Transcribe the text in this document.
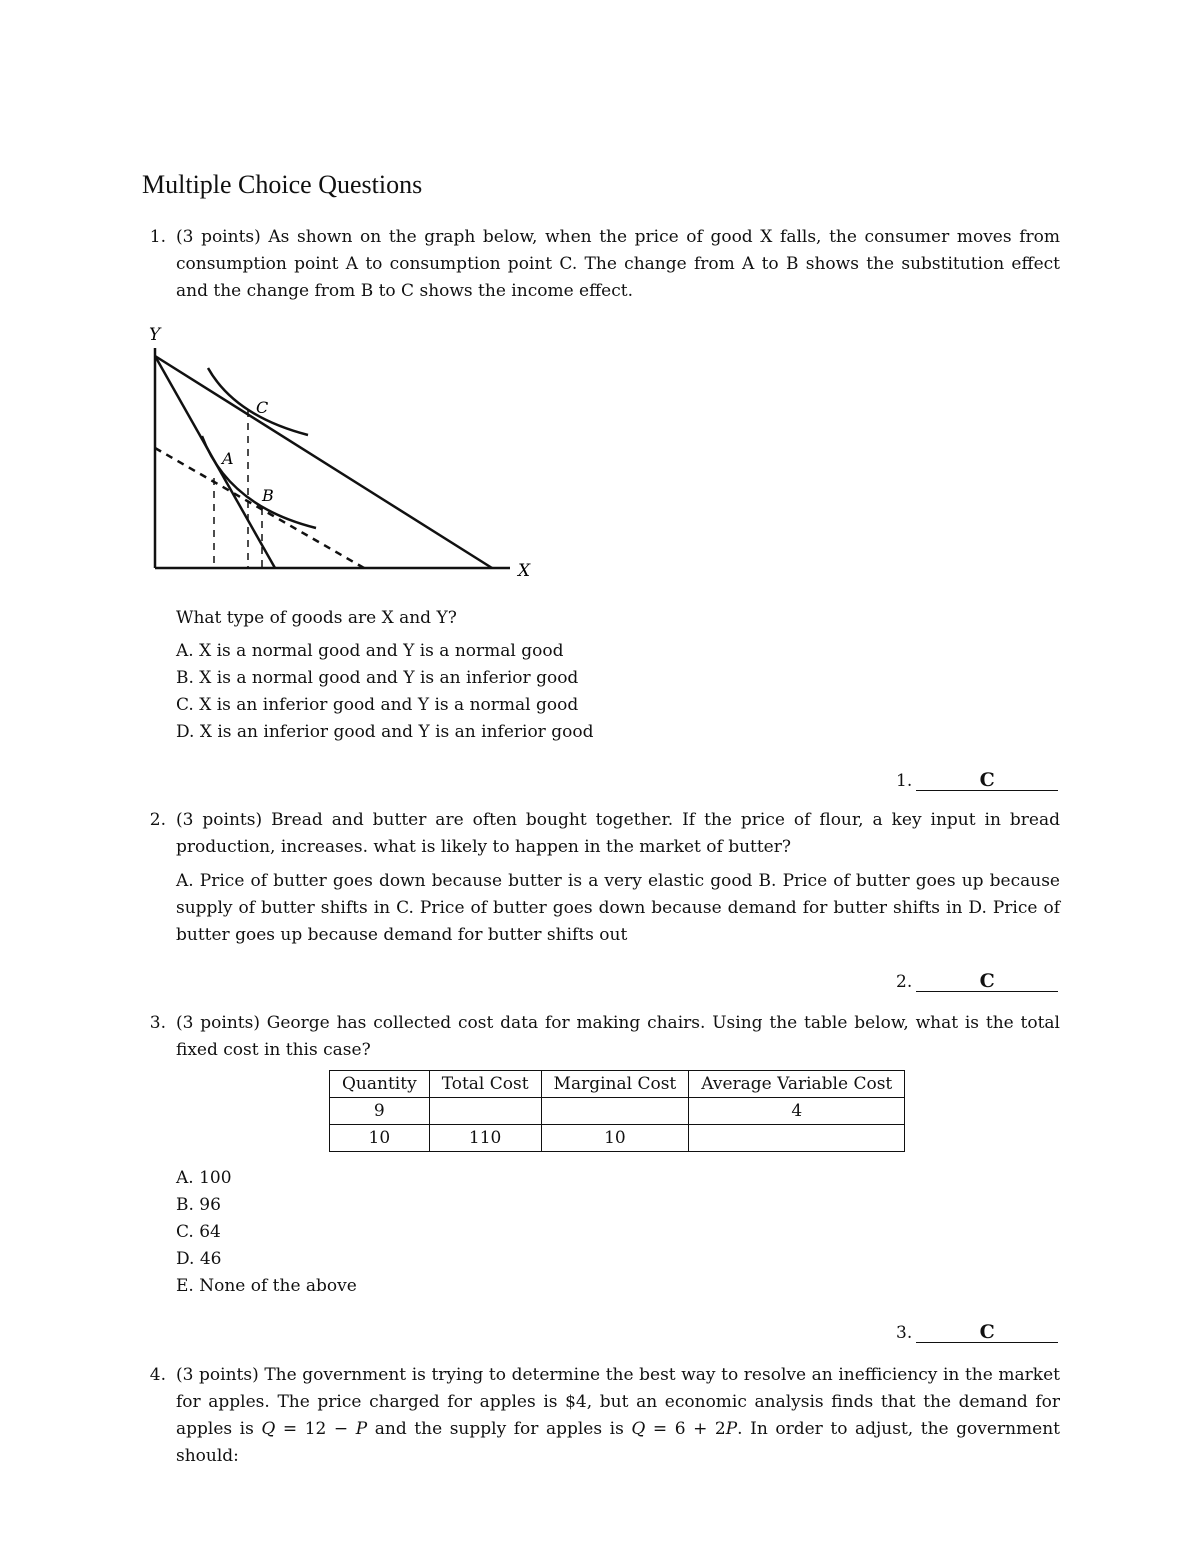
Multiple Choice Questions
1. (3 points) As shown on the graph below, when the price of good X falls, the consumer moves from consumption point A to consumption point C. The change from A to B shows the substitution effect and the change from B to C shows the income effect.
Y
X
A
B
C
What type of goods are X and Y?
A. X is a normal good and Y is a normal good
B. X is a normal good and Y is an inferior good
C. X is an inferior good and Y is a normal good
D. X is an inferior good and Y is an inferior good
1.	C
2. (3 points) Bread and butter are often bought together. If the price of flour, a key input in bread production, increases. what is likely to happen in the market of butter?
A. Price of butter goes down because butter is a very elastic good B. Price of butter goes up because supply of butter shifts in C. Price of butter goes down because demand for butter shifts in D. Price of butter goes up because demand for butter shifts out
2.	C
3. (3 points) George has collected cost data for making chairs. Using the table below, what is the total fixed cost in this case?
Quantity	Total Cost	Marginal Cost	Average Variable Cost
9			4
10	110	10	
A. 100
B. 96
C. 64
D. 46
E. None of the above
3.	C
4. (3 points) The government is trying to determine the best way to resolve an inefficiency in the market for apples. The price charged for apples is $4, but an economic analysis finds that the demand for apples is Q = 12 − P and the supply for apples is Q = 6 + 2P. In order to adjust, the government should:
